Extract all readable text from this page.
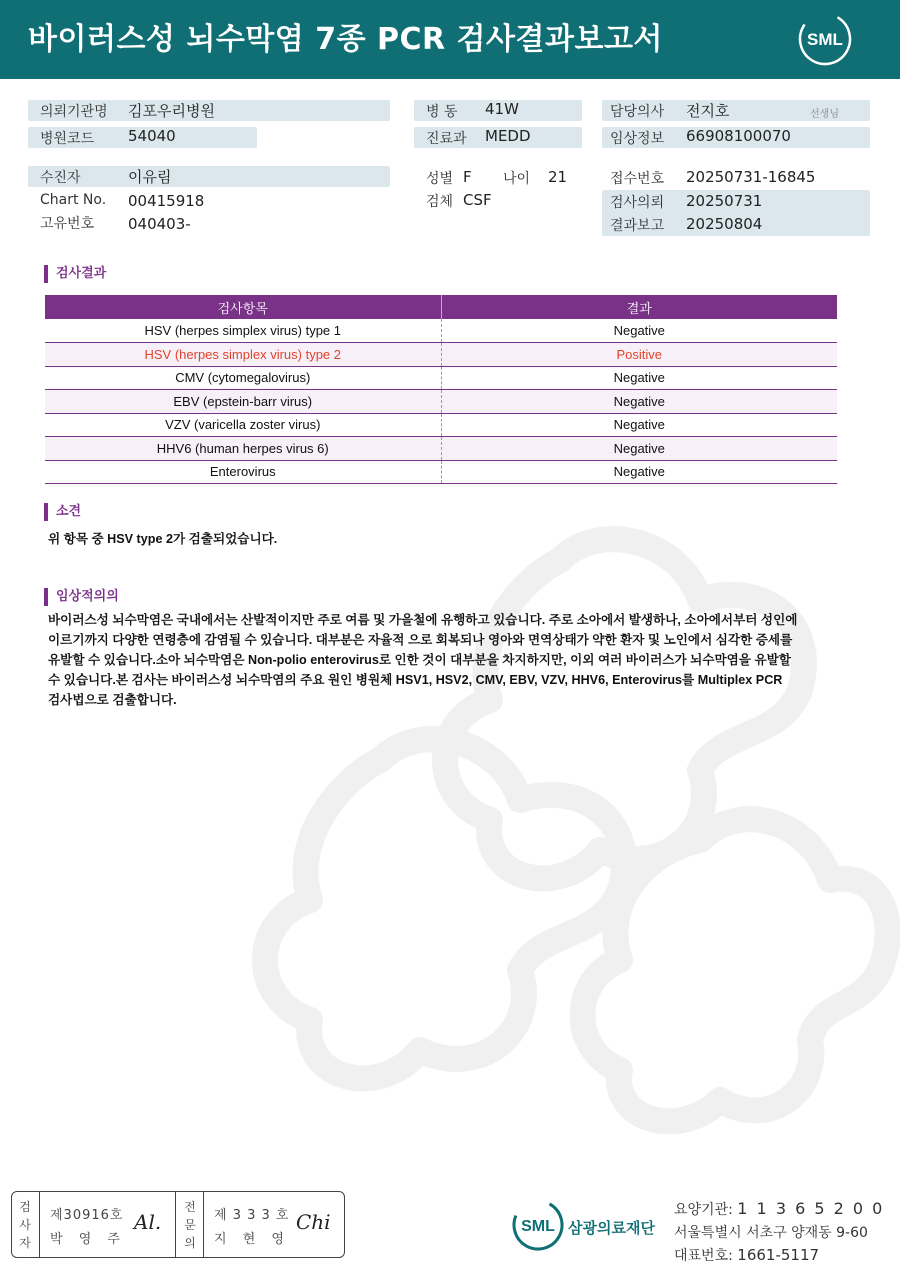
바이러스성 뇌수막염 7종 PCR 검사결과보고서	SML
의뢰기관명 김포우리병원
병원코드 54040
병 동 41W
진료과 MEDD
담당의사 전지호	선생님
임상정보 66908100070
수진자	이유림
Chart No. 00415918
고유번호 040403-
성별 F 나이 21
검체 CSF
접수번호 20250731-16845
검사의뢰 20250731
결과보고 20250804
검사결과
검사항목	결과
HSV (herpes simplex virus) type 1	Negative
HSV (herpes simplex virus) type 2	Positive
CMV (cytomegalovirus)	Negative
EBV (epstein-barr virus)	Negative
VZV (varicella zoster virus)	Negative
HHV6 (human herpes virus 6)	Negative
Enterovirus	Negative
소견
위 항목 중 HSV type 2가 검출되었습니다.
임상적의의
바이러스성 뇌수막염은 국내에서는 산발적이지만 주로 여름 및 가을철에 유행하고 있습니다. 주로 소아에서 발생하나, 소아에서부터 성인에
이르기까지 다양한 연령층에 감염될 수 있습니다. 대부분은 자율적 으로 회복되나 영아와 면역상태가 약한 환자 및 노인에서 심각한 증세를
유발할 수 있습니다.소아 뇌수막염은 Non-polio enterovirus로 인한 것이 대부분을 차지하지만, 이외 여러 바이러스가 뇌수막염을 유발할
수 있습니다.본 검사는 바이러스성 뇌수막염의 주요 원인 병원체 HSV1, HSV2, CMV, EBV, VZV, HHV6, Enterovirus를 Multiplex PCR
검사법으로 검출합니다.
검
사
자
제30916호
박 영 주
Al.
전
문
의
제 3 3 3 호
지 현 영
Chi	SML 삼광의료재단
요양기관: 1 1 3 6 5 2 0 0
서울특별시 서초구 양재동 9-60
대표번호: 1661-5117
